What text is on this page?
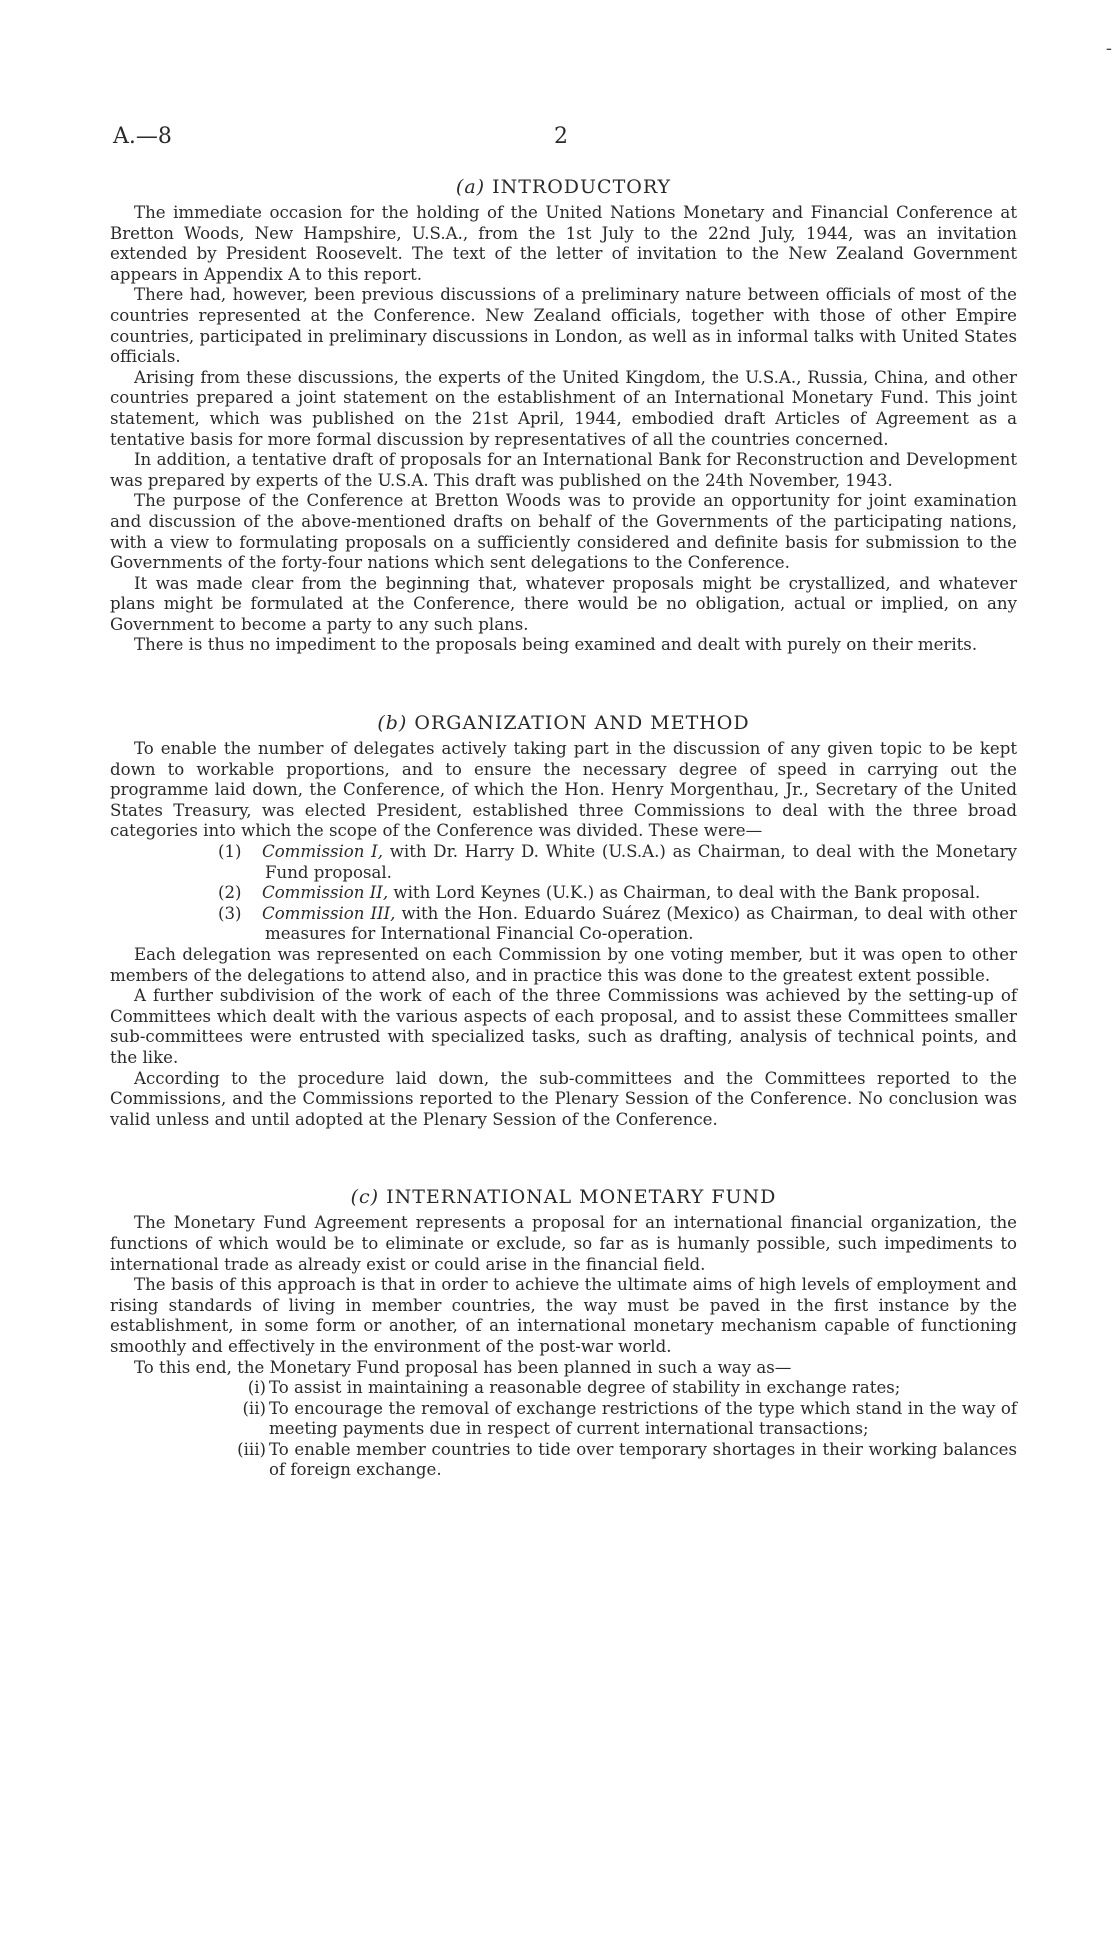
-
A.—8	2
(a) INTRODUCTORY

The immediate occasion for the holding of the United Nations Monetary and Financial Conference at Bretton Woods, New Hampshire, U.S.A., from the 1st July to the 22nd July, 1944, was an invitation extended by President Roosevelt. The text of the letter of invitation to the New Zealand Government appears in Appendix A to this report.

There had, however, been previous discussions of a preliminary nature between officials of most of the countries represented at the Conference. New Zealand officials, together with those of other Empire countries, participated in preliminary discussions in London, as well as in informal talks with United States officials.

Arising from these discussions, the experts of the United Kingdom, the U.S.A., Russia, China, and other countries prepared a joint statement on the establishment of an International Monetary Fund. This joint statement, which was published on the 21st April, 1944, embodied draft Articles of Agreement as a tentative basis for more formal discussion by representatives of all the countries concerned.

In addition, a tentative draft of proposals for an International Bank for Reconstruction and Development was prepared by experts of the U.S.A. This draft was published on the 24th November, 1943.

The purpose of the Conference at Bretton Woods was to provide an opportunity for joint examination and discussion of the above-mentioned drafts on behalf of the Governments of the participating nations, with a view to formulating proposals on a sufficiently considered and definite basis for submission to the Governments of the forty-four nations which sent delegations to the Conference.

It was made clear from the beginning that, whatever proposals might be crystallized, and whatever plans might be formulated at the Conference, there would be no obligation, actual or implied, on any Government to become a party to any such plans.

There is thus no impediment to the proposals being examined and dealt with purely on their merits.

(b) ORGANIZATION AND METHOD

To enable the number of delegates actively taking part in the discussion of any given topic to be kept down to workable proportions, and to ensure the necessary degree of speed in carrying out the programme laid down, the Conference, of which the Hon. Henry Morgenthau, Jr., Secretary of the United States Treasury, was elected President, established three Commissions to deal with the three broad categories into which the scope of the Conference was divided. These were—

(1) Commission I, with Dr. Harry D. White (U.S.A.) as Chairman, to deal with the Monetary Fund proposal.
(2) Commission II, with Lord Keynes (U.K.) as Chairman, to deal with the Bank proposal.
(3) Commission III, with the Hon. Eduardo Suárez (Mexico) as Chairman, to deal with other measures for International Financial Co-operation.

Each delegation was represented on each Commission by one voting member, but it was open to other members of the delegations to attend also, and in practice this was done to the greatest extent possible.

A further subdivision of the work of each of the three Commissions was achieved by the setting-up of Committees which dealt with the various aspects of each proposal, and to assist these Committees smaller sub-committees were entrusted with specialized tasks, such as drafting, analysis of technical points, and the like.

According to the procedure laid down, the sub-committees and the Committees reported to the Commissions, and the Commissions reported to the Plenary Session of the Conference. No conclusion was valid unless and until adopted at the Plenary Session of the Conference.

(c) INTERNATIONAL MONETARY FUND

The Monetary Fund Agreement represents a proposal for an international financial organization, the functions of which would be to eliminate or exclude, so far as is humanly possible, such impediments to international trade as already exist or could arise in the financial field.

The basis of this approach is that in order to achieve the ultimate aims of high levels of employment and rising standards of living in member countries, the way must be paved in the first instance by the establishment, in some form or another, of an international monetary mechanism capable of functioning smoothly and effectively in the environment of the post-war world.

To this end, the Monetary Fund proposal has been planned in such a way as—

(i) To assist in maintaining a reasonable degree of stability in exchange rates;
(ii) To encourage the removal of exchange restrictions of the type which stand in the way of meeting payments due in respect of current international transactions;
(iii) To enable member countries to tide over temporary shortages in their working balances of foreign exchange.
